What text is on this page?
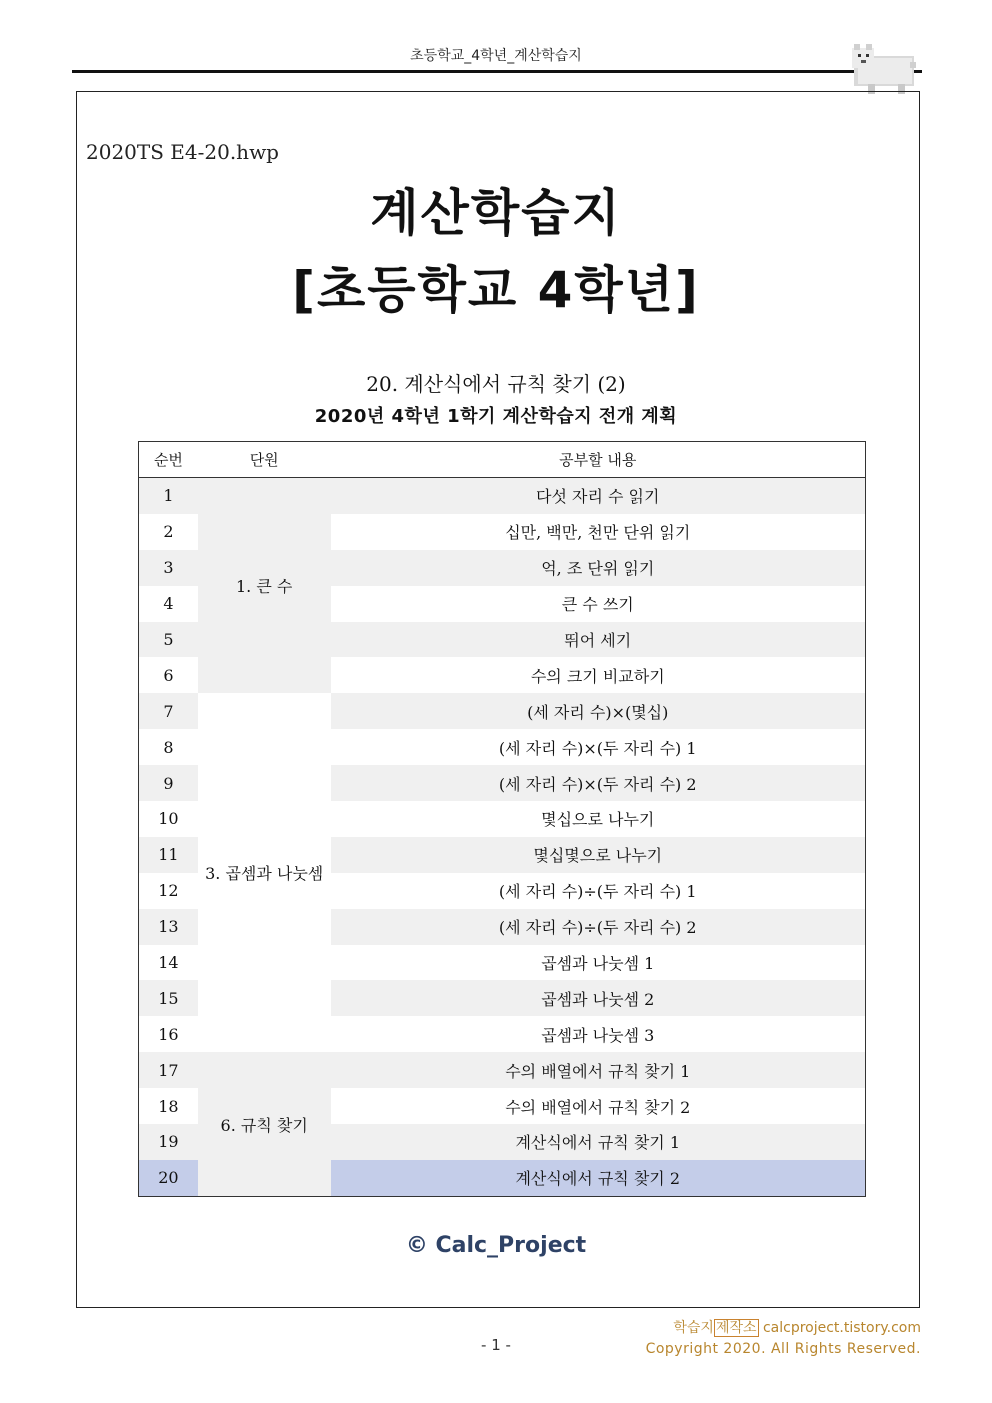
초등학교_4학년_계산학습지
2020TS E4-20.hwp
계산학습지
[초등학교 4학년]
20. 계산식에서 규칙 찾기 (2)
2020년 4학년 1학기 계산학습지 전개 계획
순번	단원	공부할 내용
1	1. 큰 수	다섯 자리 수 읽기
2		십만, 백만, 천만 단위 읽기
3		억, 조 단위 읽기
4		큰 수 쓰기
5		뛰어 세기
6		수의 크기 비교하기
7	3. 곱셈과 나눗셈	(세 자리 수)×(몇십)
8		(세 자리 수)×(두 자리 수) 1
9		(세 자리 수)×(두 자리 수) 2
10		몇십으로 나누기
11		몇십몇으로 나누기
12		(세 자리 수)÷(두 자리 수) 1
13		(세 자리 수)÷(두 자리 수) 2
14		곱셈과 나눗셈 1
15		곱셈과 나눗셈 2
16		곱셈과 나눗셈 3
17	6. 규칙 찾기	수의 배열에서 규칙 찾기 1
18		수의 배열에서 규칙 찾기 2
19		계산식에서 규칙 찾기 1
20		계산식에서 규칙 찾기 2
© Calc_Project
- 1 -
학습지 제작소 calcproject.tistory.com
Copyright 2020. All Rights Reserved.
